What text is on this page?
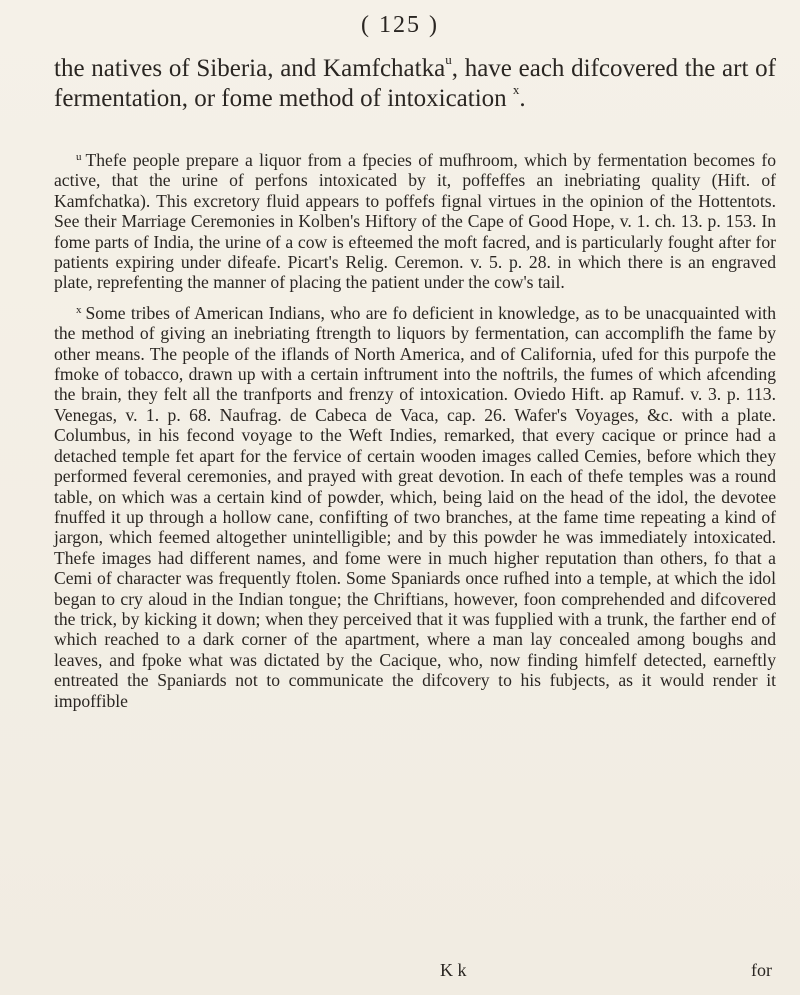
( 125 )

the natives of Siberia, and Kamfchatka$^u$, have each difcovered the art of fermentation, or fome method of intoxication $^x$.

$^u$ Thefe people prepare a liquor from a fpecies of mufhroom, which by fermentation becomes fo active, that the urine of perfons intoxicated by it, poffeffes an inebriating quality (Hift. of Kamfchatka). This excretory fluid appears to poffefs fignal virtues in the opinion of the Hottentots. See their Marriage Ceremonies in Kolben's Hiftory of the Cape of Good Hope, v. 1. ch. 13. p. 153. In fome parts of India, the urine of a cow is efteemed the moft facred, and is particularly fought after for patients expiring under difeafe. Picart's Relig. Ceremon. v. 5. p. 28. in which there is an engraved plate, reprefenting the manner of placing the patient under the cow's tail.

$^x$ Some tribes of American Indians, who are fo deficient in knowledge, as to be unacquainted with the method of giving an inebriating ftrength to liquors by fermentation, can accomplifh the fame by other means. The people of the iflands of North America, and of California, ufed for this purpofe the fmoke of tobacco, drawn up with a certain inftrument into the noftrils, the fumes of which afcending the brain, they felt all the tranfports and frenzy of intoxication. Oviedo Hift. ap Ramuf. v. 3. p. 113. Venegas, v. 1. p. 68. Naufrag. de Cabeca de Vaca, cap. 26. Wafer's Voyages, &c. with a plate. Columbus, in his fecond voyage to the Weft Indies, remarked, that every cacique or prince had a detached temple fet apart for the fervice of certain wooden images called Cemies, before which they performed feveral ceremonies, and prayed with great devotion. In each of thefe temples was a round table, on which was a certain kind of powder, which, being laid on the head of the idol, the devotee fnuffed it up through a hollow cane, confifting of two branches, at the fame time repeating a kind of jargon, which feemed altogether unintelligible; and by this powder he was immediately intoxicated. Thefe images had different names, and fome were in much higher reputation than others, fo that a Cemi of character was frequently ftolen. Some Spaniards once rufhed into a temple, at which the idol began to cry aloud in the Indian tongue; the Chriftians, however, foon comprehended and difcovered the trick, by kicking it down; when they perceived that it was fupplied with a trunk, the farther end of which reached to a dark corner of the apartment, where a man lay concealed among boughs and leaves, and fpoke what was dictated by the Cacique, who, now finding himfelf detected, earneftly entreated the Spaniards not to communicate the difcovery to his fubjects, as it would render it impoffible

K k	for
